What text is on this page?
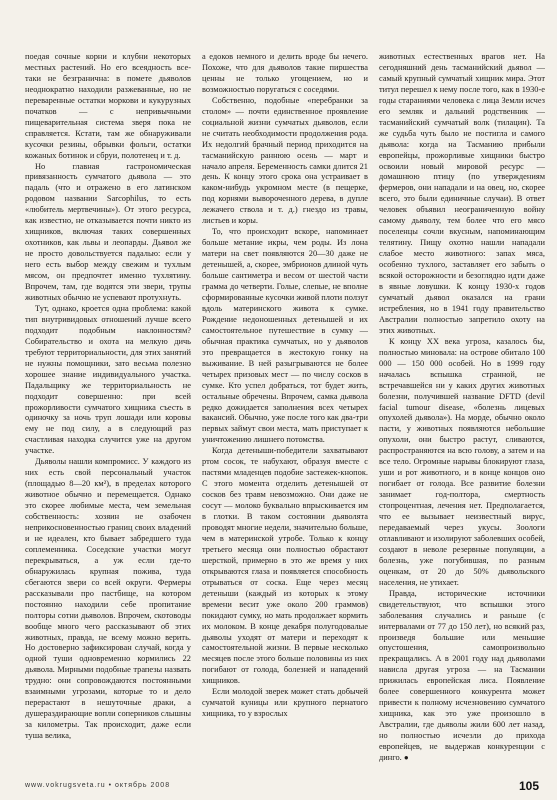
поедая сочные корни и клубни некоторых местных растений. Но его всеядность все-таки не безгранична: в помете дьяволов неоднократно находили разжеванные, но не переваренные остатки моркови и кукурузных початков — с непривычными пищеварительная система зверя пока не справляется. Кстати, там же обнаруживали кусочки резины, обрывки фольги, остатки кожаных ботинок и сбруи, полотенец и т. д.

Но главная гастрономическая привязанность сумчатого дьявола — это падаль (что и отражено в его латинском родовом названии Sarcophilus, то есть «любитель мертвечины»). От этого ресурса, как известно, не отказывается почти никто из хищников, включая таких совершенных охотников, как львы и леопарды. Дьявол же не просто довольствуется падалью: если у него есть выбор между свежим и тухлым мясом, он предпочтет именно тухлятину. Впрочем, там, где водятся эти звери, трупы животных обычно не успевают протухнуть.

Тут, однако, кроется одна проблема: какой тип внутривидовых отношений лучше всего подходит подобным наклонностям? Собирательство и охота на мелкую дичь требуют территориальности, для этих занятий не нужны помощники, зато весьма полезно хорошее знание индивидуального участка. Падальщику же территориальность не подходит совершенно: при всей прожорливости сумчатого хищника съесть в одиночку за ночь труп лошади или коровы ему не под силу, а в следующий раз счастливая находка случится уже на другом участке.

Дьяволы нашли компромисс. У каждого из них есть свой персональный участок (площадью 8—20 км²), в пределах которого животное обычно и перемещается. Однако это скорее любимые места, чем земельная собственность: хозяин не озабочен неприкосновенностью границ своих владений и не идеален, кто бывает забредшего туда соплеменника. Соседские участки могут перекрываться, а уж если где-то обнаружилась крупная пожива, туда сбегаются звери со всей округи. Фермеры рассказывали про пастбище, на котором постоянно находили себе пропитание полторы сотни дьяволов. Впрочем, скотоводы вообще много чего рассказывают об этих животных, правда, не всему можно верить. Но достоверно зафиксирован случай, когда у одной туши одновременно кормились 22 дьявола. Мирными подобные трапезы назвать трудно: они сопровождаются постоянными взаимными угрозами, которые то и дело перерастают в нешуточные драки, а душераздирающие вопли соперников слышны за километры. Так происходит, даже если туша велика,

а едоков немного и делить вроде бы нечего. Похоже, что для дьяволов такие пиршества ценны не только угощением, но и возможностью поругаться с соседями.

Собственно, подобные «перебранки за столом» — почти единственное проявление социальной жизни сумчатых дьяволов, если не считать необходимости продолжения рода. Их недолгий брачный период приходится на тасманийскую раннюю осень — март и начало апреля. Беременность самки длится 21 день. К концу этого срока она устраивает в каком-нибудь укромном месте (в пещерке, под корнями вывороченного дерева, в дупле лежачего ствола и т. д.) гнездо из травы, листьев и коры.

То, что происходит вскоре, напоминает больше метание икры, чем роды. Из лона матери на свет появляются 20—30 даже не детенышей, а, скорее, эмбрионов длиной чуть больше сантиметра и весом от шестой части грамма до четверти. Голые, слепые, не вполне сформированные кусочки живой плоти ползут вдоль материнского живота к сумке. Рождение недоношенных детенышей и их самостоятельное путешествие в сумку — обычная практика сумчатых, но у дьяволов это превращается в жестокую гонку на выживание. В ней разыгрываются не более четырех призовых мест — по числу сосков в сумке. Кто успел добраться, тот будет жить, остальные обречены. Впрочем, самка дьявола редко дожидается заполнения всех четырех вакансий. Обычно, уже после того как два-три первых займут свои места, мать приступает к уничтожению лишнего потомства.

Когда детеныши-победители захватывают ртом сосок, те набухают, образуя вместе с пастями младенцев подобие застежек-кнопок. С этого момента отделить детенышей от сосков без травм невозможно. Они даже не сосут — молоко буквально впрыскивается им в глотки. В таком состоянии дьяволята проводят многие недели, значительно больше, чем в материнской утробе. Только к концу третьего месяца они полностью обрастают шерсткой, примерно в это же время у них открываются глаза и появляется способность отрываться от соска. Еще через месяц детеныши (каждый из которых к этому времени весит уже около 200 граммов) покидают сумку, но мать продолжает кормить их молоком. В конце декабря полугодовалые дьяволы уходят от матери и переходят к самостоятельной жизни. В первые несколько месяцев после этого больше половины из них погибают от голода, болезней и нападений хищников.

Если молодой зверек может стать добычей сумчатой куницы или крупного пернатого хищника, то у взрослых

животных естественных врагов нет. На сегодняшний день тасманийский дьявол — самый крупный сумчатый хищник мира. Этот титул перешел к нему после того, как в 1930-е годы стараниями человека с лица Земли исчез его земляк и дальний родственник — тасманийский сумчатый волк (тилацин). Та же судьба чуть было не постигла и самого дьявола: когда на Тасманию прибыли европейцы, прожорливые хищники быстро освоили новый мировой ресурс — домашнюю птицу (по утверждениям фермеров, они нападали и на овец, но, скорее всего, это были единичные случаи). В ответ человек объявил неограниченную войну самому дьяволу, тем более что его мясо поселенцы сочли вкусным, напоминающим телятину. Пищу охотно нашли нападали слабое место животного: запах мяса, особенно тухлого, заставляет его забыть о всякой осторожности и безоглядно идти даже в явные ловушки. К концу 1930-х годов сумчатый дьявол оказался на грани истребления, но в 1941 году правительство Австралии полностью запретило охоту на этих животных.

К концу XX века угроза, казалось бы, полностью миновала: на острове обитало 100 000 — 150 000 особей. Но в 1999 году началась вспышка странной, не встречавшейся ни у каких других животных болезни, получившей название DFTD (devil facial tumour disease, «болезнь лицевых опухолей дьявола»). На морде, обычно около пасти, у животных появляются небольшие опухоли, они быстро растут, сливаются, распространяются на всю голову, а затем и на все тело. Огромные нарывы блокируют глаза, уши и рот животного, и в конце концов оно погибает от голода. Все развитие болезни занимает год-полтора, смертность стопроцентная, лечения нет. Предполагается, что ее вызывает неизвестный вирус, передаваемый через укусы. Зоологи отлавливают и изолируют заболевших особей, создают в неволе резервные популяции, а болезнь, уже погубившая, по разным оценкам, от 20 до 50% дьявольского населения, не утихает.

Правда, исторические источники свидетельствуют, что вспышки этого заболевания случались и раньше (с интервалами от 77 до 150 лет), но всякий раз, произведя большие или меньшие опустошения, самопроизвольно прекращались. А в 2001 году над дьяволами нависла другая угроза — на Тасмании прижилась европейская лиса. Появление более совершенного конкурента может привести к полному исчезновению сумчатого хищника, как это уже произошло в Австралии, где дьяволы жили 600 лет назад, но полностью исчезли до прихода европейцев, не выдержав конкуренции с динго. ●

www.vokrugsveta.ru • октябрь 2008	105
